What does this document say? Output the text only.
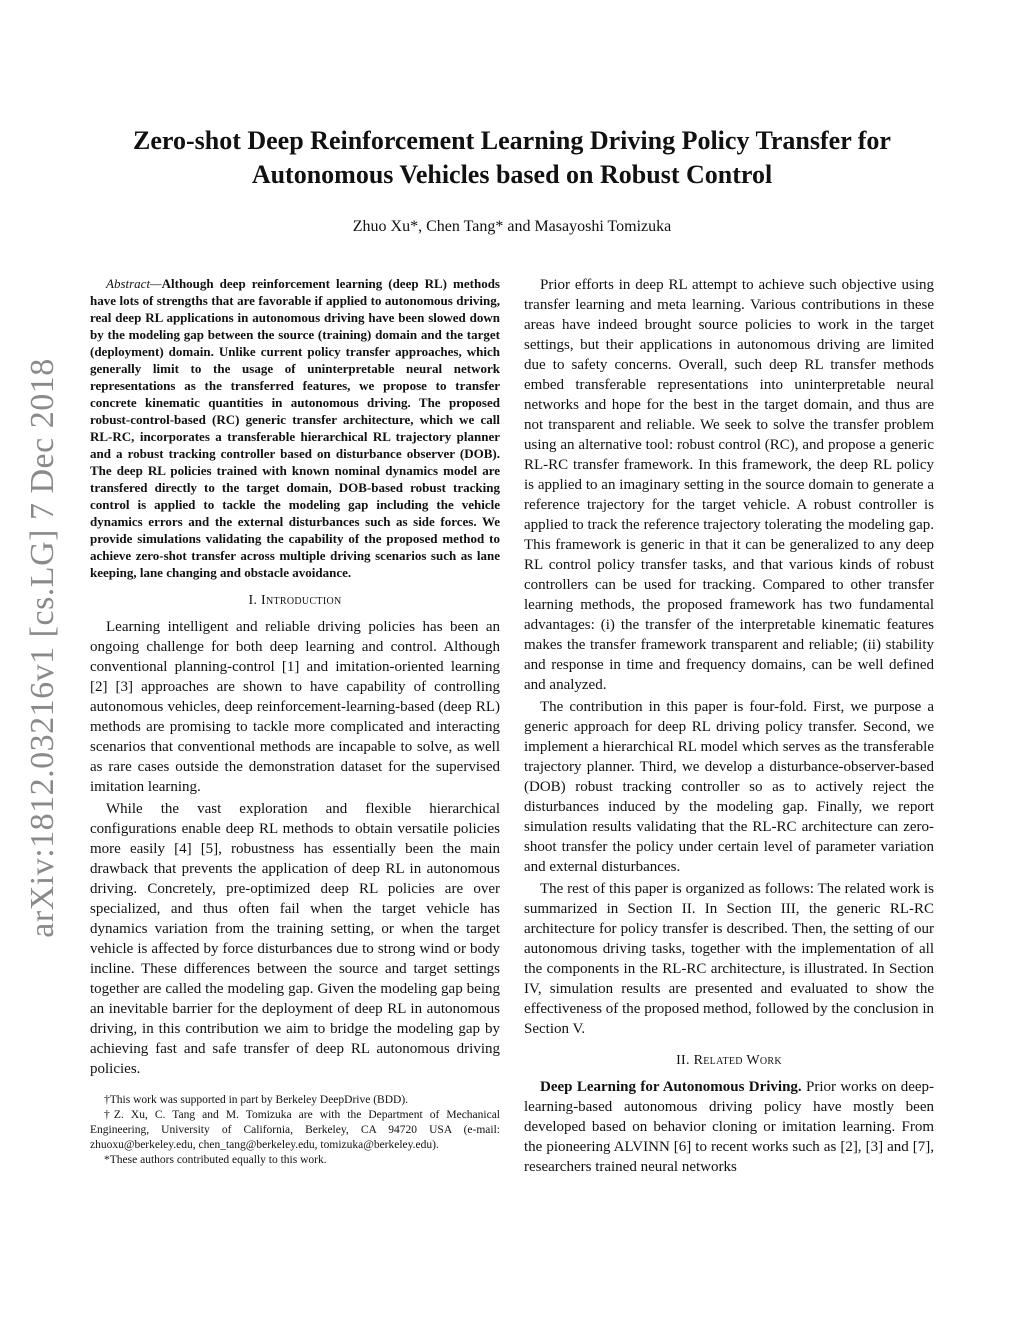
Zero-shot Deep Reinforcement Learning Driving Policy Transfer for Autonomous Vehicles based on Robust Control
Zhuo Xu*, Chen Tang* and Masayoshi Tomizuka
arXiv:1812.03216v1 [cs.LG] 7 Dec 2018

Abstract—Although deep reinforcement learning (deep RL) methods have lots of strengths that are favorable if applied to autonomous driving, real deep RL applications in autonomous driving have been slowed down by the modeling gap between the source (training) domain and the target (deployment) domain. Unlike current policy transfer approaches, which generally limit to the usage of uninterpretable neural network representations as the transferred features, we propose to transfer concrete kinematic quantities in autonomous driving. The proposed robust-control-based (RC) generic transfer architecture, which we call RL-RC, incorporates a transferable hierarchical RL trajectory planner and a robust tracking controller based on disturbance observer (DOB). The deep RL policies trained with known nominal dynamics model are transfered directly to the target domain, DOB-based robust tracking control is applied to tackle the modeling gap including the vehicle dynamics errors and the external disturbances such as side forces. We provide simulations validating the capability of the proposed method to achieve zero-shot transfer across multiple driving scenarios such as lane keeping, lane changing and obstacle avoidance.

I. Introduction

Learning intelligent and reliable driving policies has been an ongoing challenge for both deep learning and control. Although conventional planning-control [1] and imitation-oriented learning [2] [3] approaches are shown to have capability of controlling autonomous vehicles, deep reinforcement-learning-based (deep RL) methods are promising to tackle more complicated and interacting scenarios that conventional methods are incapable to solve, as well as rare cases outside the demonstration dataset for the supervised imitation learning.

While the vast exploration and flexible hierarchical configurations enable deep RL methods to obtain versatile policies more easily [4] [5], robustness has essentially been the main drawback that prevents the application of deep RL in autonomous driving. Concretely, pre-optimized deep RL policies are over specialized, and thus often fail when the target vehicle has dynamics variation from the training setting, or when the target vehicle is affected by force disturbances due to strong wind or body incline. These differences between the source and target settings together are called the modeling gap. Given the modeling gap being an inevitable barrier for the deployment of deep RL in autonomous driving, in this contribution we aim to bridge the modeling gap by achieving fast and safe transfer of deep RL autonomous driving policies.

†This work was supported in part by Berkeley DeepDrive (BDD).

†Z. Xu, C. Tang and M. Tomizuka are with the Department of Mechanical Engineering, University of California, Berkeley, CA 94720 USA (e-mail: zhuoxu@berkeley.edu, chen_tang@berkeley.edu, tomizuka@berkeley.edu).

*These authors contributed equally to this work.

Prior efforts in deep RL attempt to achieve such objective using transfer learning and meta learning. Various contributions in these areas have indeed brought source policies to work in the target settings, but their applications in autonomous driving are limited due to safety concerns. Overall, such deep RL transfer methods embed transferable representations into uninterpretable neural networks and hope for the best in the target domain, and thus are not transparent and reliable. We seek to solve the transfer problem using an alternative tool: robust control (RC), and propose a generic RL-RC transfer framework. In this framework, the deep RL policy is applied to an imaginary setting in the source domain to generate a reference trajectory for the target vehicle. A robust controller is applied to track the reference trajectory tolerating the modeling gap. This framework is generic in that it can be generalized to any deep RL control policy transfer tasks, and that various kinds of robust controllers can be used for tracking. Compared to other transfer learning methods, the proposed framework has two fundamental advantages: (i) the transfer of the interpretable kinematic features makes the transfer framework transparent and reliable; (ii) stability and response in time and frequency domains, can be well defined and analyzed.

The contribution in this paper is four-fold. First, we purpose a generic approach for deep RL driving policy transfer. Second, we implement a hierarchical RL model which serves as the transferable trajectory planner. Third, we develop a disturbance-observer-based (DOB) robust tracking controller so as to actively reject the disturbances induced by the modeling gap. Finally, we report simulation results validating that the RL-RC architecture can zero-shoot transfer the policy under certain level of parameter variation and external disturbances.

The rest of this paper is organized as follows: The related work is summarized in Section II. In Section III, the generic RL-RC architecture for policy transfer is described. Then, the setting of our autonomous driving tasks, together with the implementation of all the components in the RL-RC architecture, is illustrated. In Section IV, simulation results are presented and evaluated to show the effectiveness of the proposed method, followed by the conclusion in Section V.

II. Related Work

Deep Learning for Autonomous Driving. Prior works on deep-learning-based autonomous driving policy have mostly been developed based on behavior cloning or imitation learning. From the pioneering ALVINN [6] to recent works such as [2], [3] and [7], researchers trained neural networks
